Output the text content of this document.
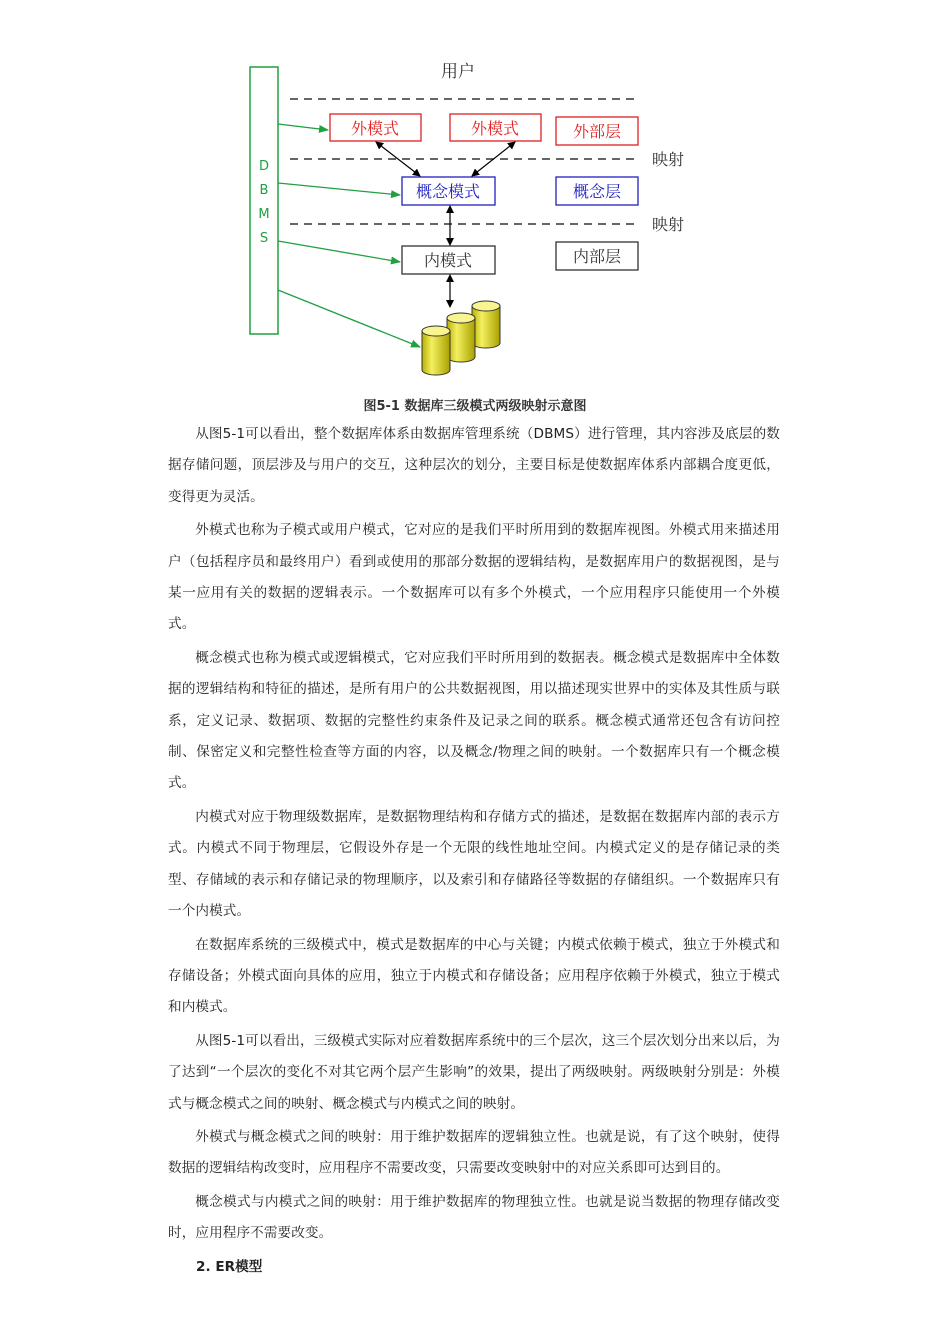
用户
映射
映射
D
B
M
S
外模式	外模式	外部层
概念模式	概念层
内模式	内部层
图5-1 数据库三级模式两级映射示意图

从图5-1可以看出，整个数据库体系由数据库管理系统（DBMS）进行管理，其内容涉及底层的数据存储问题，顶层涉及与用户的交互，这种层次的划分，主要目标是使数据库体系内部耦合度更低，变得更为灵活。

外模式也称为子模式或用户模式，它对应的是我们平时所用到的数据库视图。外模式用来描述用户（包括程序员和最终用户）看到或使用的那部分数据的逻辑结构，是数据库用户的数据视图，是与某一应用有关的数据的逻辑表示。一个数据库可以有多个外模式，一个应用程序只能使用一个外模式。

概念模式也称为模式或逻辑模式，它对应我们平时所用到的数据表。概念模式是数据库中全体数据的逻辑结构和特征的描述，是所有用户的公共数据视图，用以描述现实世界中的实体及其性质与联系，定义记录、数据项、数据的完整性约束条件及记录之间的联系。概念模式通常还包含有访问控制、保密定义和完整性检查等方面的内容，以及概念/物理之间的映射。一个数据库只有一个概念模式。

内模式对应于物理级数据库，是数据物理结构和存储方式的描述，是数据在数据库内部的表示方式。内模式不同于物理层，它假设外存是一个无限的线性地址空间。内模式定义的是存储记录的类型、存储域的表示和存储记录的物理顺序，以及索引和存储路径等数据的存储组织。一个数据库只有一个内模式。

在数据库系统的三级模式中，模式是数据库的中心与关键；内模式依赖于模式，独立于外模式和存储设备；外模式面向具体的应用，独立于内模式和存储设备；应用程序依赖于外模式，独立于模式和内模式。

从图5-1可以看出，三级模式实际对应着数据库系统中的三个层次，这三个层次划分出来以后，为了达到“一个层次的变化不对其它两个层产生影响”的效果，提出了两级映射。两级映射分别是：外模式与概念模式之间的映射、概念模式与内模式之间的映射。

外模式与概念模式之间的映射：用于维护数据库的逻辑独立性。也就是说，有了这个映射，使得数据的逻辑结构改变时，应用程序不需要改变，只需要改变映射中的对应关系即可达到目的。

概念模式与内模式之间的映射：用于维护数据库的物理独立性。也就是说当数据的物理存储改变时，应用程序不需要改变。

2. ER模型
